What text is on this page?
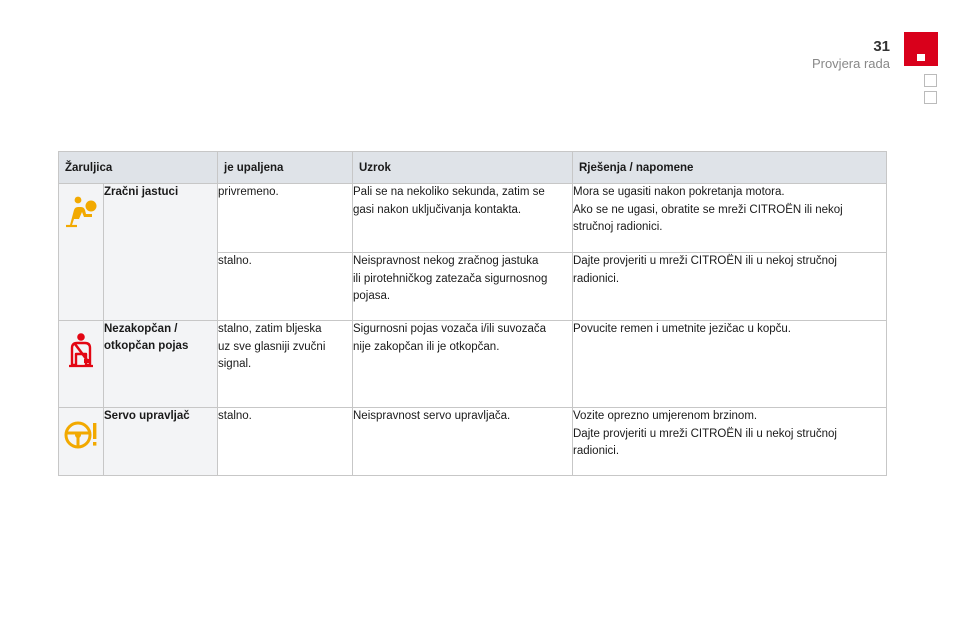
31
Provjera rada
Žaruljica		je upaljena	Uzrok	Rješenja / napomene

	Zračni jastuci	privremeno.	Pali se na nekoliko sekunda, zatim se
gasi nakon uključivanja kontakta.	Mora se ugasiti nakon pokretanja motora.
Ako se ne ugasi, obratite se mreži CITROËN ili nekoj
stručnoj radionici.

		stalno.	Neispravnost nekog zračnog jastuka
ili pirotehničkog zatezača sigurnosnog
pojasa.	Dajte provjeriti u mreži CITROËN ili u nekoj stručnoj
radionici.

Nezakopčan /
otkopčan pojas	stalno, zatim bljeska
uz sve glasniji zvučni
signal.	Sigurnosni pojas vozača i/ili suvozača
nije zakopčan ili je otkopčan.	Povucite remen i umetnite jezičac u kopču.

	Servo upravljač	stalno.	Neispravnost servo upravljača.	Vozite oprezno umjerenom brzinom.
Dajte provjeriti u mreži CITROËN ili u nekoj stručnoj
radionici.
